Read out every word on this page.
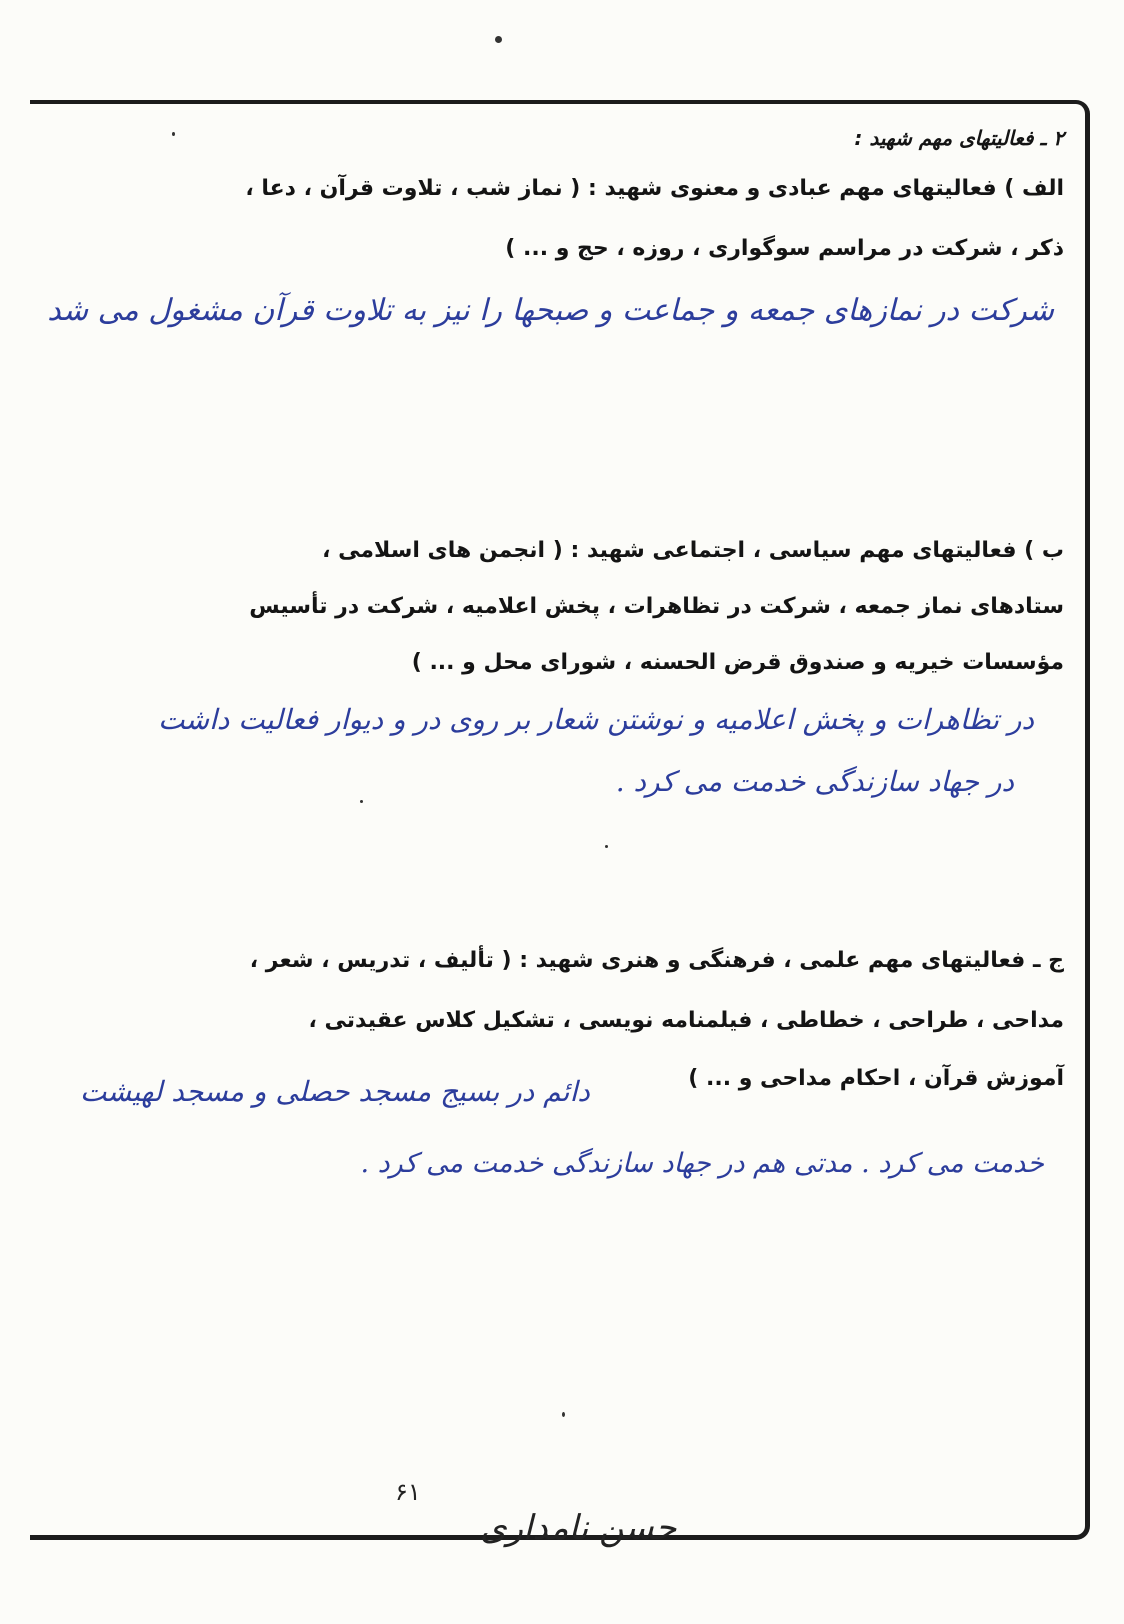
۲ ـ فعالیتهای مهم شهید :
الف ) فعالیتهای مهم عبادی و معنوی شهید : ( نماز شب ، تلاوت قرآن ، دعا ،
ذکر ، شرکت در مراسم سوگواری ، روزه ، حج و ... )
شرکت در نمازهای جمعه و جماعت و صبحها را نیز به تلاوت قرآن مشغول می شد
ب ) فعالیتهای مهم سیاسی ، اجتماعی شهید : ( انجمن های اسلامی ،
ستادهای نماز جمعه ، شرکت در تظاهرات ، پخش اعلامیه ، شرکت در تأسیس
مؤسسات خیریه و صندوق قرض الحسنه ، شورای محل و ... )
در تظاهرات و پخش اعلامیه و نوشتن شعار بر روی در و دیوار فعالیت داشت
در جهاد سازندگی خدمت می کرد .
ج ـ فعالیتهای مهم علمی ، فرهنگی و هنری شهید : ( تألیف ، تدریس ، شعر ،
مداحی ، طراحی ، خطاطی ، فیلمنامه نویسی ، تشکیل کلاس عقیدتی ،
آموزش قرآن ، احکام مداحی و ... )
دائم در بسیج مسجد حصلی و مسجد لهیشت
خدمت می کرد . مدتی هم در جهاد سازندگی خدمت می کرد .
۶۱
حسن نامداری
